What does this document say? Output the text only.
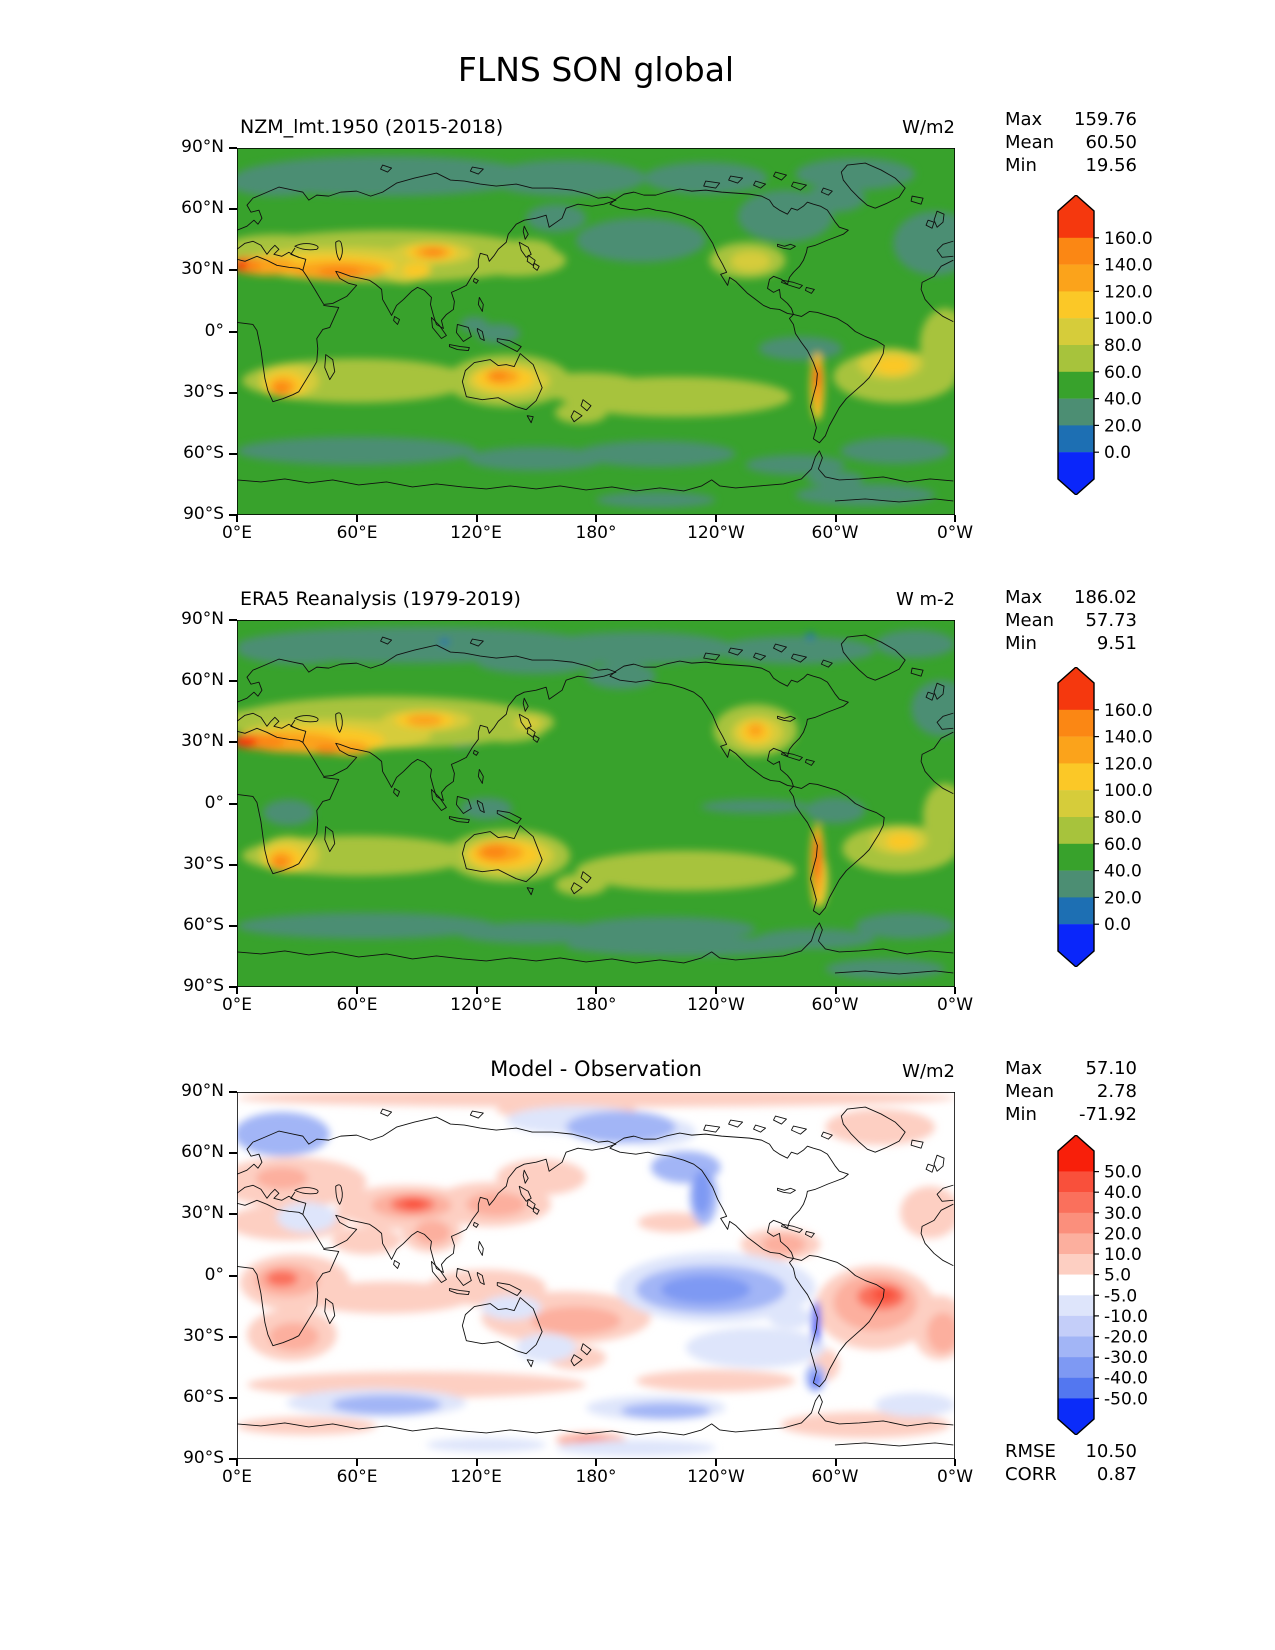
FLNS SON global
NZM_lmt.1950 (2015-2018)	W/m2	Max 159.76
Mean 60.50
Min	19.56
90°N
60°N
30°N
0°
30°S
60°S
90°S
0°E	60°E	120°E	180°	120°W	60°W	0°W
160.0
140.0
120.0
100.0
80.0
60.0
40.0
20.0
0.0
ERA5 Reanalysis (1979-2019)	W m-2	Max 186.02
Mean 57.73
Min	9.51
90°N
60°N
30°N
0°
30°S
60°S
90°S
0°E	60°E	120°E	180°	120°W	60°W	0°W
160.0
140.0
120.0
100.0
80.0
60.0
40.0
20.0
0.0
Model - Observation	W/m2	Max 57.10
Mean 2.78
Min -71.92
90°N
60°N
30°N
0°
30°S
60°S
90°S
0°E	60°E	120°E	180°	120°W	60°W	0°W
50.0
40.0
30.0
20.0
10.0
5.0
-5.0
-10.0
-20.0
-30.0
-40.0
-50.0
RMSE 10.50
CORR 0.87
